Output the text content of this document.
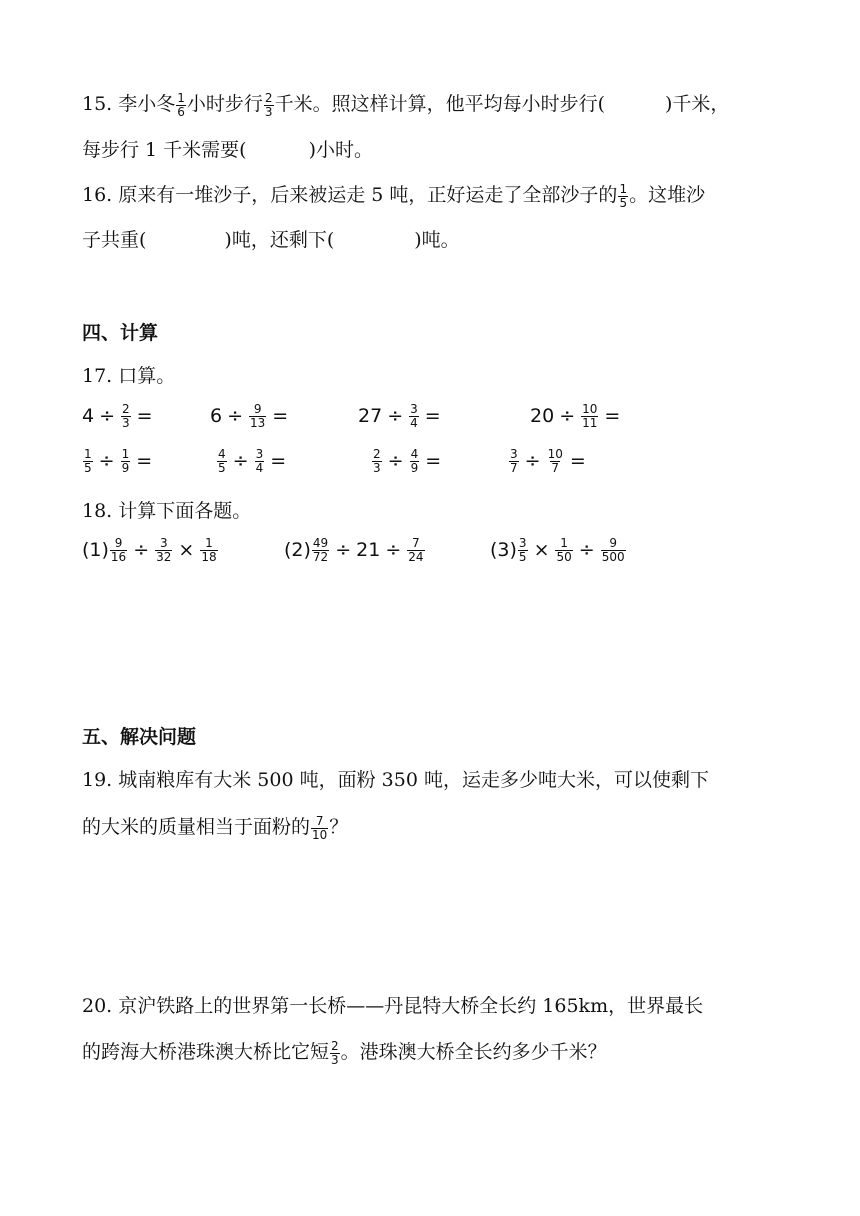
15. 李小冬 $\frac{1}{6}$ 小时步行 $\frac{2}{3}$ 千米。照这样计算，他平均每小时步行(	)千米，
每步行 1 千米需要(	)小时。
16. 原来有一堆沙子，后来被运走 5 吨，正好运走了全部沙子的 $\frac{1}{5}$ 。这堆沙
子共重(	)吨，还剩下(	)吨。
四、计算
17. 口算。
$4 \div \frac{2}{3}$ =	$6 \div \frac{9}{13}$ =	$27 \div \frac{3}{4}$ =	$20 \div \frac{10}{11}$ =
$\frac{1}{5} \div \frac{1}{9}$ =	$\frac{4}{5} \div \frac{3}{4}$ =	$\frac{2}{3} \div \frac{4}{9}$ =	$\frac{3}{7} \div \frac{10}{7}$ =
18. 计算下面各题。
$(1) \frac{9}{16} \div \frac{3}{32} \times \frac{1}{18}$	$(2) \frac{49}{72} \div 21 \div \frac{7}{24}$	$(3) \frac{3}{5} \times \frac{1}{50} \div \frac{9}{500}$
五、解决问题
19. 城南粮库有大米 500 吨，面粉 350 吨，运走多少吨大米，可以使剩下
的大米的质量相当于面粉的 $\frac{7}{10}$ ？
20. 京沪铁路上的世界第一长桥——丹昆特大桥全长约 165km，世界最长
的跨海大桥港珠澳大桥比它短 $\frac{2}{3}$ 。港珠澳大桥全长约多少千米？
